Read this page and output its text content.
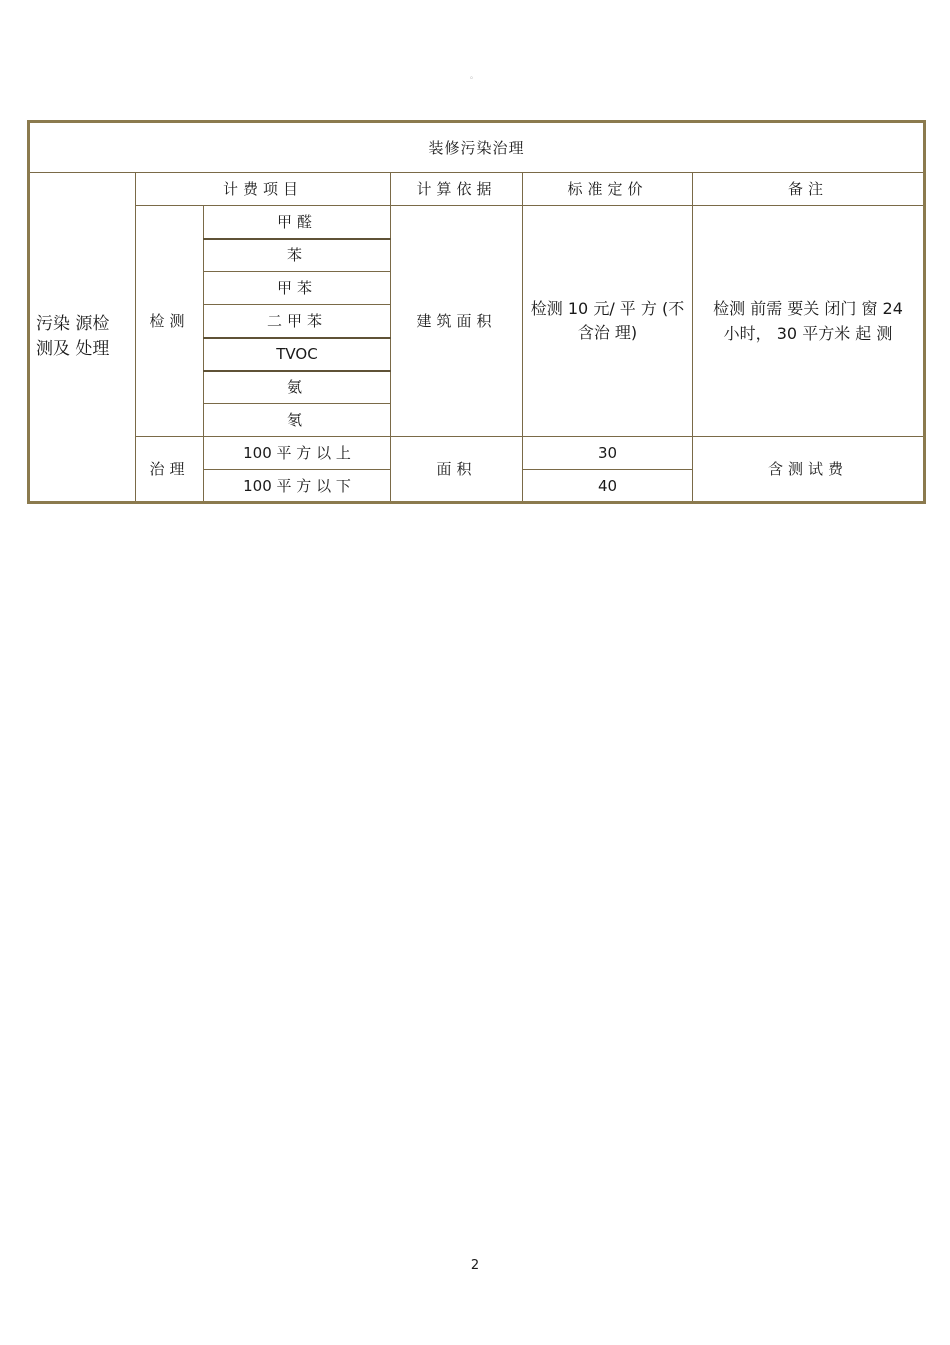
。
装修污染治理					
污染 源检 测及 处理	计费项目		计算依据	标准定价	备注
	检测	甲醛	建筑面积	检测 10 元/ 平 方 (不 含治 理)	检测 前需 要关 闭门 窗 24 小时， 30 平方米 起 测
		苯			
		甲苯			
		二甲苯			
		TVOC			
		氨			
		氡			
	治理	100 平 方 以 上	面积	30	含测试费
		100 平 方 以 下		40	
2
